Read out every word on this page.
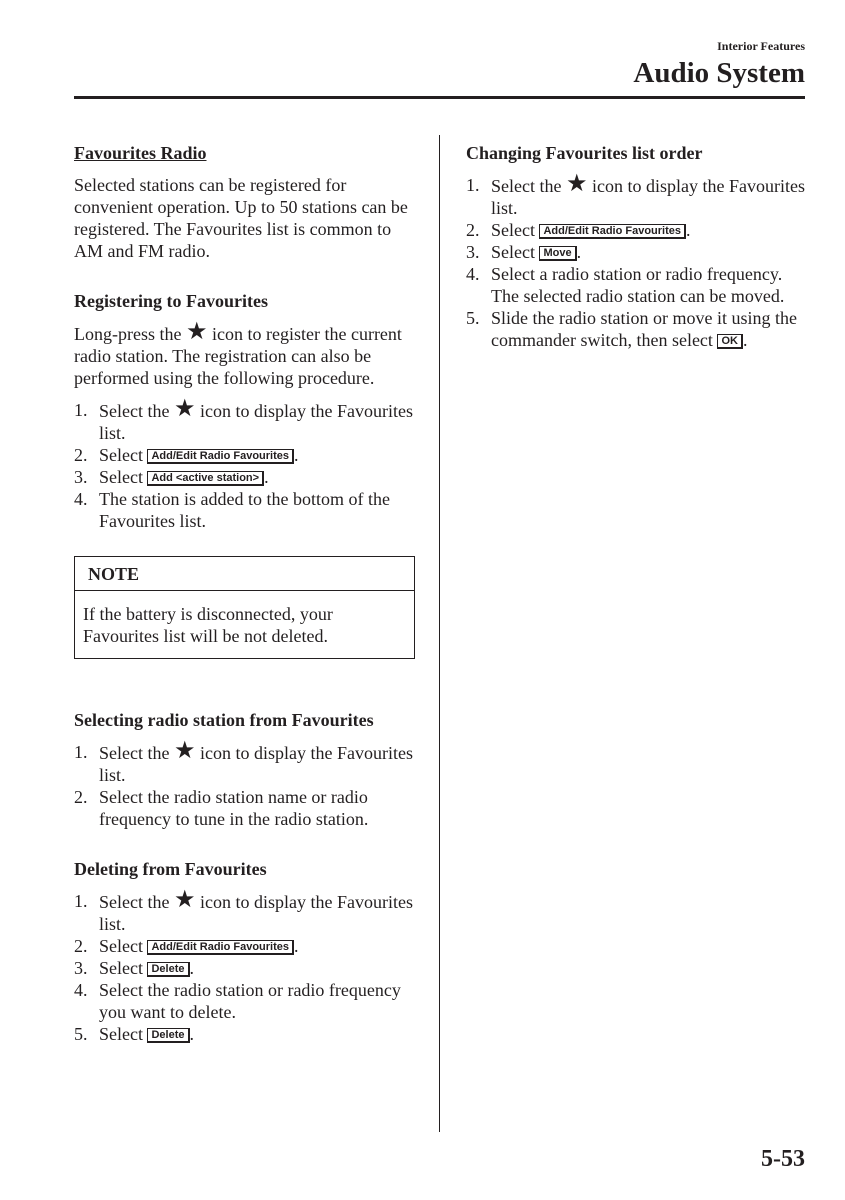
Interior Features
Audio System

Favourites Radio

Selected stations can be registered for convenient operation. Up to 50 stations can be registered. The Favourites list is common to AM and FM radio.

Registering to Favourites

Long-press the ★ icon to register the current radio station. The registration can also be performed using the following procedure.

1. Select the ★ icon to display the Favourites list.
2. Select Add/Edit Radio Favourites .
3. Select Add <active station> .
4. The station is added to the bottom of the Favourites list.
NOTE
If the battery is disconnected, your Favourites list will be not deleted.

Selecting radio station from Favourites

1. Select the ★ icon to display the Favourites list.
2. Select the radio station name or radio frequency to tune in the radio station.

Deleting from Favourites

1. Select the ★ icon to display the Favourites list.
2. Select Add/Edit Radio Favourites .
3. Select Delete .
4. Select the radio station or radio frequency you want to delete.
5. Select Delete .

Changing Favourites list order

1. Select the ★ icon to display the Favourites list.
2. Select Add/Edit Radio Favourites .
3. Select Move .
4. Select a radio station or radio frequency. The selected radio station can be moved.
5. Slide the radio station or move it using the commander switch, then select OK .
5-53
